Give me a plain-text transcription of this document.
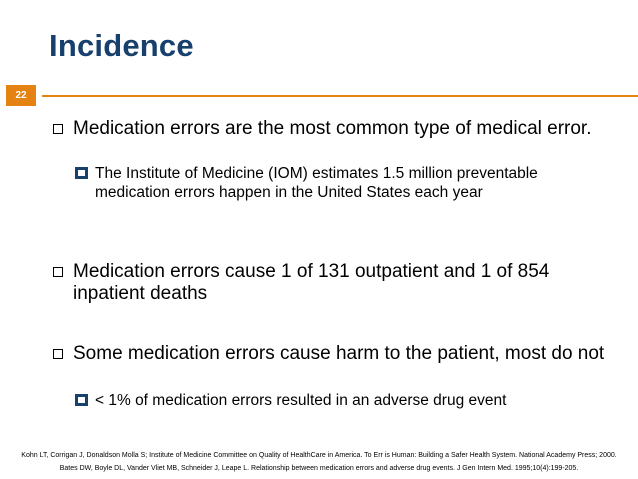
Incidence
22
Medication errors are the most common type of medical error.
The Institute of Medicine (IOM) estimates 1.5 million preventable medication errors happen in the United States each year
Medication errors cause 1 of 131 outpatient and 1 of 854 inpatient deaths
Some medication errors cause harm to the patient, most do not
< 1% of medication errors resulted in an adverse drug event
Kohn LT, Corrigan J, Donaldson Molla S; Institute of Medicine Committee on Quality of HealthCare in America. To Err is Human: Building a Safer Health System. National Academy Press; 2000.
Bates DW, Boyle DL, Vander Vliet MB, Schneider J, Leape L. Relationship between medication errors and adverse drug events. J Gen Intern Med. 1995;10(4):199-205.
